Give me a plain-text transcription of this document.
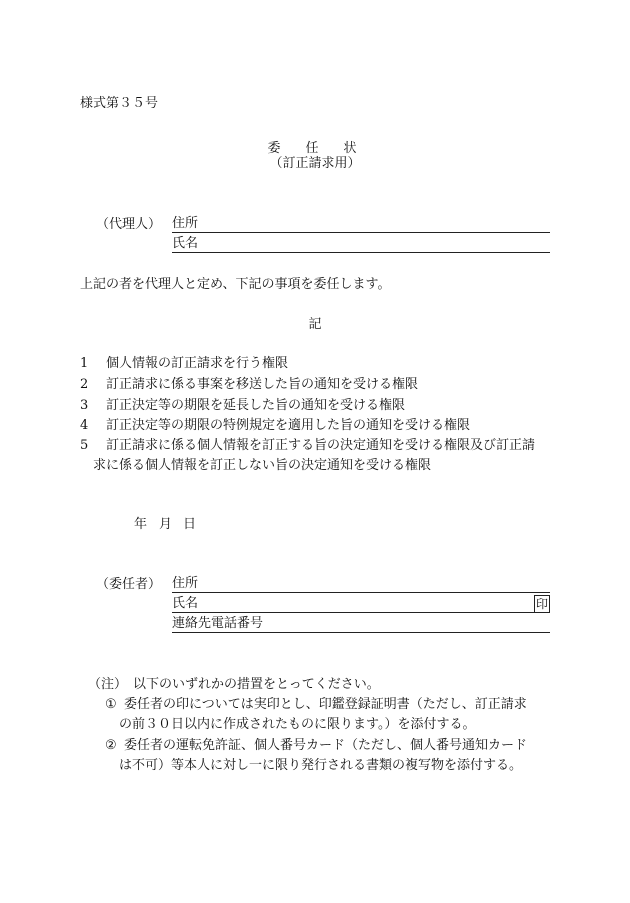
様式第３５号
委　任　状
（訂正請求用）
（代理人） 住所
氏名
上記の者を代理人と定め、下記の事項を委任します。
記
1	個人情報の訂正請求を行う権限
2	訂正請求に係る事案を移送した旨の通知を受ける権限
3	訂正決定等の期限を延長した旨の通知を受ける権限
4	訂正決定等の期限の特例規定を適用した旨の通知を受ける権限
5	訂正請求に係る個人情報を訂正する旨の決定通知を受ける権限及び訂正請
求に係る個人情報を訂正しない旨の決定通知を受ける権限
年 月 日
（委任者） 住所
氏名	印
連絡先電話番号
（注） 以下のいずれかの措置をとってください。
① 委任者の印については実印とし、印鑑登録証明書（ただし、訂正請求
の前３０日以内に作成されたものに限ります。）を添付する。
② 委任者の運転免許証、個人番号カード（ただし、個人番号通知カード
は不可）等本人に対し一に限り発行される書類の複写物を添付する。
